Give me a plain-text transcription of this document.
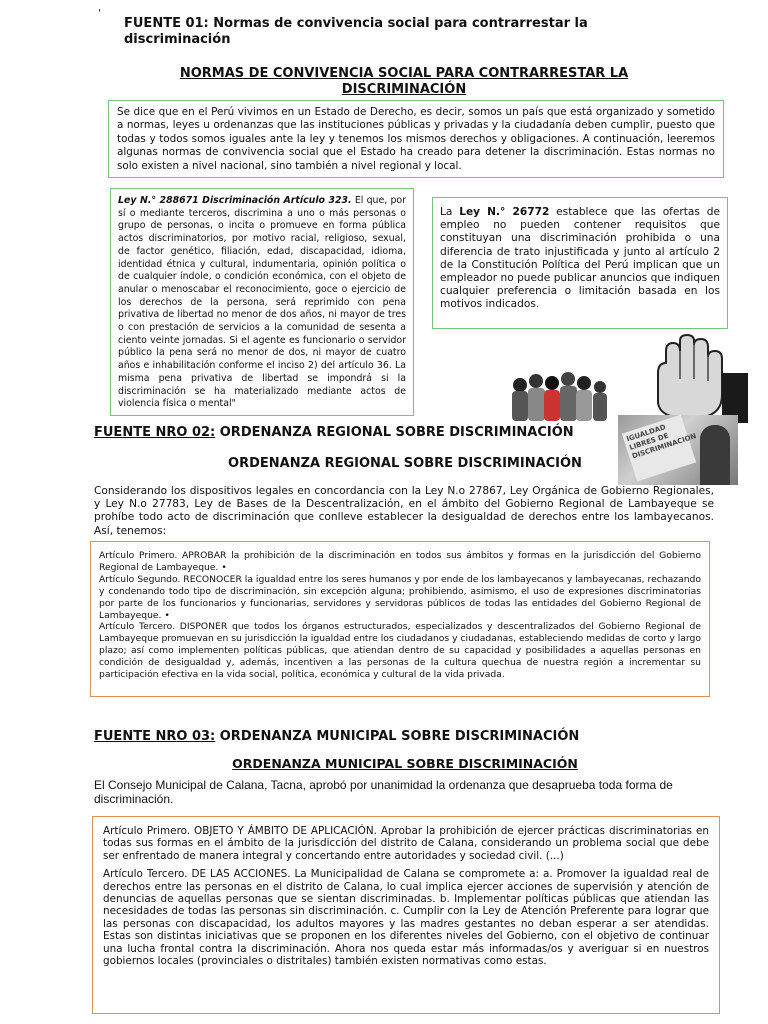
'
FUENTE 01: Normas de convivencia social para contrarrestar la discriminación
NORMAS DE CONVIVENCIA SOCIAL PARA CONTRARRESTAR LA
DISCRIMINACIÓN

Se dice que en el Perú vivimos en un Estado de Derecho, es decir, somos un país que está organizado y sometido a normas, leyes u ordenanzas que las instituciones públicas y privadas y la ciudadanía deben cumplir, puesto que todas y todos somos iguales ante la ley y tenemos los mismos derechos y obligaciones. A continuación, leeremos algunas normas de convivencia social que el Estado ha creado para detener la discriminación. Estas normas no solo existen a nivel nacional, sino también a nivel regional y local.

Ley N.° 288671 Discriminación Artículo 323. El que, por sí o mediante terceros, discrimina a uno o más personas o grupo de personas, o incita o promueve en forma pública actos discriminatorios, por motivo racial, religioso, sexual, de factor genético, filiación, edad, discapacidad, idioma, identidad étnica y cultural, indumentaria, opinión política o de cualquier índole, o condición económica, con el objeto de anular o menoscabar el reconocimiento, goce o ejercicio de los derechos de la persona, será reprimido con pena privativa de libertad no menor de dos años, ni mayor de tres o con prestación de servicios a la comunidad de sesenta a ciento veinte jornadas. Si el agente es funcionario o servidor público la pena será no menor de dos, ni mayor de cuatro años e inhabilitación conforme el inciso 2) del artículo 36. La misma pena privativa de libertad se impondrá si la discriminación se ha materializado mediante actos de violencia física o mental"

La Ley N.° 26772 establece que las ofertas de empleo no pueden contener requisitos que constituyan una discriminación prohibida o una diferencia de trato injustificada y junto al artículo 2 de la Constitución Política del Perú implican que un empleador no puede publicar anuncios que indiquen cualquier preferencia o limitación basada en los motivos indicados.

FUENTE NRO 02: ORDENANZA REGIONAL SOBRE DISCRIMINACIÓN	IGUALDAD
LIBRES DE
DISCRIMINACION
ORDENANZA REGIONAL SOBRE DISCRIMINACIÓN

Considerando los dispositivos legales en concordancia con la Ley N.o 27867, Ley Orgánica de Gobierno Regionales, y Ley N.o 27783, Ley de Bases de la Descentralización, en el ámbito del Gobierno Regional de Lambayeque se prohíbe todo acto de discriminación que conlleve establecer la desigualdad de derechos entre los lambayecanos. Así, tenemos:

Artículo Primero. APROBAR la prohibición de la discriminación en todos sus ámbitos y formas en la jurisdicción del Gobierno Regional de Lambayeque. •

Artículo Segundo. RECONOCER la igualdad entre los seres humanos y por ende de los lambayecanos y lambayecanas, rechazando y condenando todo tipo de discriminación, sin excepción alguna; prohibiendo, asimismo, el uso de expresiones discriminatorias por parte de los funcionarios y funcionarias, servidores y servidoras públicos de todas las entidades del Gobierno Regional de Lambayeque. •

Artículo Tercero. DISPONER que todos los órganos estructurados, especializados y descentralizados del Gobierno Regional de Lambayeque promuevan en su jurisdicción la igualdad entre los ciudadanos y ciudadanas, estableciendo medidas de corto y largo plazo; así como implementen políticas públicas, que atiendan dentro de su capacidad y posibilidades a aquellas personas en condición de desigualdad y, además, incentiven a las personas de la cultura quechua de nuestra región a incrementar su participación efectiva en la vida social, política, económica y cultural de la vida privada.

FUENTE NRO 03: ORDENANZA MUNICIPAL SOBRE DISCRIMINACIÓN
ORDENANZA MUNICIPAL SOBRE DISCRIMINACIÓN

El Consejo Municipal de Calana, Tacna, aprobó por unanimidad la ordenanza que desaprueba toda forma de discriminación.

Artículo Primero. OBJETO Y ÁMBITO DE APLICACIÓN. Aprobar la prohibición de ejercer prácticas discriminatorias en todas sus formas en el ámbito de la jurisdicción del distrito de Calana, considerando un problema social que debe ser enfrentado de manera integral y concertando entre autoridades y sociedad civil. (...)

Artículo Tercero. DE LAS ACCIONES. La Municipalidad de Calana se compromete a: a. Promover la igualdad real de derechos entre las personas en el distrito de Calana, lo cual implica ejercer acciones de supervisión y atención de denuncias de aquellas personas que se sientan discriminadas. b. Implementar políticas públicas que atiendan las necesidades de todas las personas sin discriminación. c. Cumplir con la Ley de Atención Preferente para lograr que las personas con discapacidad, los adultos mayores y las madres gestantes no deban esperar a ser atendidas. Estas son distintas iniciativas que se proponen en los diferentes niveles del Gobierno, con el objetivo de continuar una lucha frontal contra la discriminación. Ahora nos queda estar más informadas/os y averiguar si en nuestros gobiernos locales (provinciales o distritales) también existen normativas como estas.
